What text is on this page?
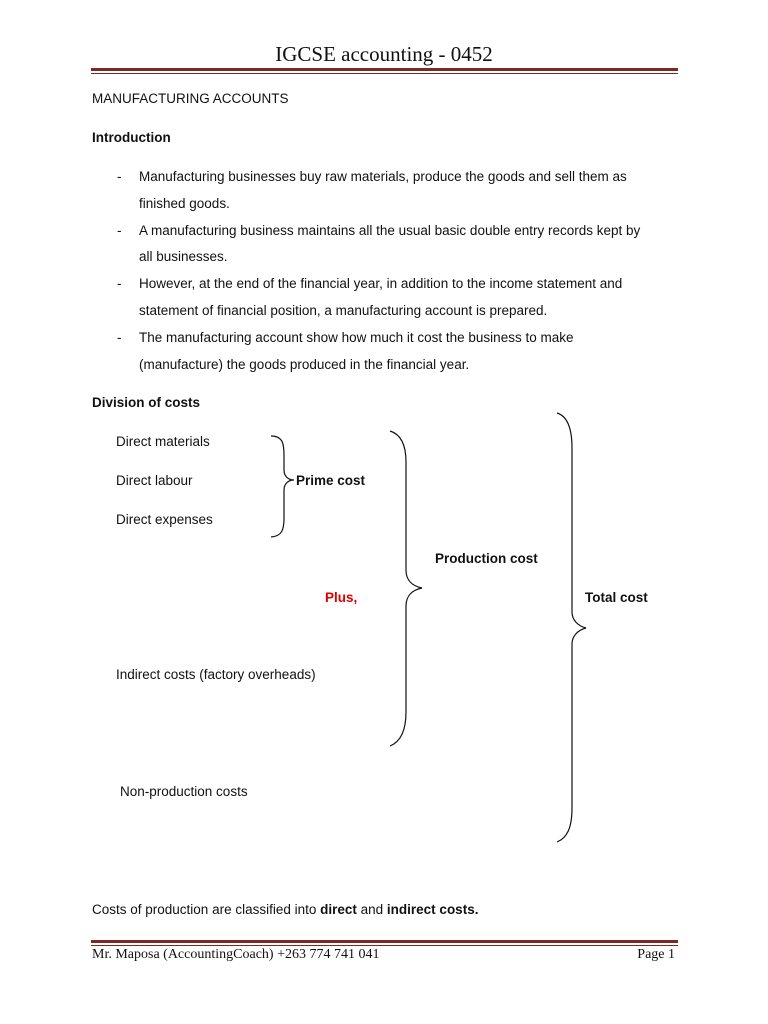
IGCSE accounting - 0452
MANUFACTURING ACCOUNTS
Introduction
- Manufacturing businesses buy raw materials, produce the goods and sell them as
finished goods.
- A manufacturing business maintains all the usual basic double entry records kept by
all businesses.
- However, at the end of the financial year, in addition to the income statement and
statement of financial position, a manufacturing account is prepared.
- The manufacturing account show how much it cost the business to make
(manufacture) the goods produced in the financial year.
Division of costs
Direct materials
Direct labour
Direct expenses
Prime cost
Production cost
Plus,	Total cost
Indirect costs (factory overheads)
Non-production costs
Costs of production are classified into direct and indirect costs.
Mr. Maposa (AccountingCoach) +263 774 741 041	Page 1
